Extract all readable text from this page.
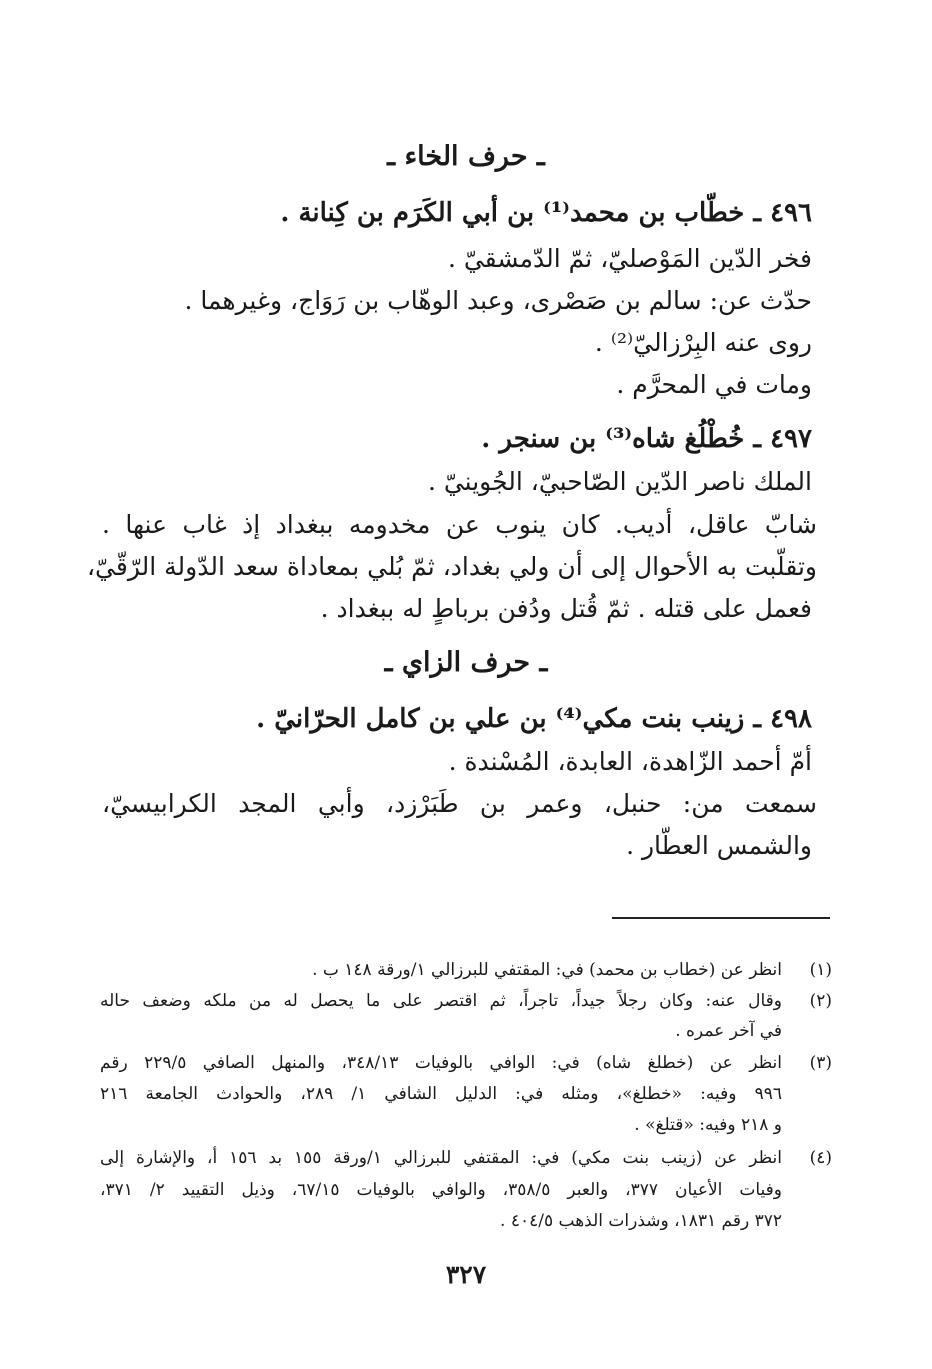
ـ حرف الخاء ـ
٤٩٦ ـ خطّاب بن محمد⁽¹⁾ بن أبي الكَرَم بن كِنانة .
فخر الدّين المَوْصليّ، ثمّ الدّمشقيّ .
حدّث عن: سالم بن صَصْرى، وعبد الوهّاب بن رَوَاج، وغيرهما .
روى عنه البِرْزاليّ⁽²⁾ .
ومات في المحرَّم .
٤٩٧ ـ خُطْلُغ شاه⁽³⁾ بن سنجر .
الملك ناصر الدّين الصّاحبيّ، الجُوينيّ .
شابّ عاقل، أديب. كان ينوب عن مخدومه ببغداد إذ غاب عنها .
وتقلّبت به الأحوال إلى أن ولي بغداد، ثمّ بُلي بمعاداة سعد الدّولة الرّقّيّ،
فعمل على قتله . ثمّ قُتل ودُفن برباطٍ له ببغداد .
ـ حرف الزاي ـ
٤٩٨ ـ زينب بنت مكي⁽⁴⁾ بن علي بن كامل الحرّانيّ .
أمّ أحمد الزّاهدة، العابدة، المُسْندة .
سمعت من: حنبل، وعمر بن طَبَرْزد، وأبي المجد الكرابيسيّ،
والشمس العطّار .
(١)
انظر عن (خطاب بن محمد) في: المقتفي للبرزالي ١/ورقة ١٤٨ ب .
(٢)
وقال عنه: وكان رجلاً جيداً، تاجراً، ثم اقتصر على ما يحصل له من ملكه وضعف حاله
في آخر عمره .
(٣)
انظر عن (خطلغ شاه) في: الوافي بالوفيات ٣٤٨/١٣، والمنهل الصافي ٢٢٩/٥ رقم
٩٩٦ وفيه: «خطلغ»، ومثله في: الدليل الشافي ١/ ٢٨٩، والحوادث الجامعة ٢١٦
و ٢١٨ وفيه: «قتلغ» .
(٤)
انظر عن (زينب بنت مكي) في: المقتفي للبرزالي ١/ورقة ١٥٥ بد ١٥٦ أ، والإشارة إلى
وفيات الأعيان ٣٧٧، والعبر ٣٥٨/٥، والوافي بالوفيات ٦٧/١٥، وذيل التقييد ٢/ ٣٧١،
٣٧٢ رقم ١٨٣١، وشذرات الذهب ٤٠٤/٥ .
٣٢٧
